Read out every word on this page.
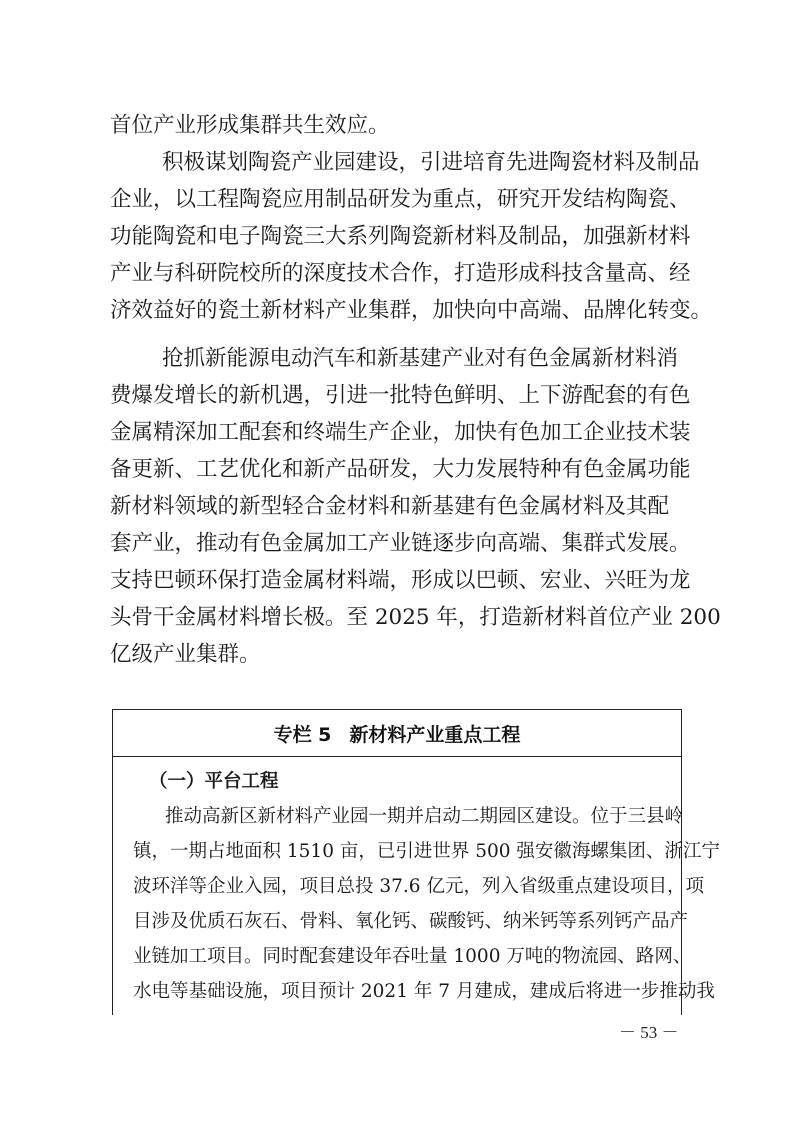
首位产业形成集群共生效应。
积极谋划陶瓷产业园建设，引进培育先进陶瓷材料及制品
企业，以工程陶瓷应用制品研发为重点，研究开发结构陶瓷、
功能陶瓷和电子陶瓷三大系列陶瓷新材料及制品，加强新材料
产业与科研院校所的深度技术合作，打造形成科技含量高、经
济效益好的瓷土新材料产业集群，加快向中高端、品牌化转变。
抢抓新能源电动汽车和新基建产业对有色金属新材料消
费爆发增长的新机遇，引进一批特色鲜明、上下游配套的有色
金属精深加工配套和终端生产企业，加快有色加工企业技术装
备更新、工艺优化和新产品研发，大力发展特种有色金属功能
新材料领域的新型轻合金材料和新基建有色金属材料及其配
套产业，推动有色金属加工产业链逐步向高端、集群式发展。
支持巴顿环保打造金属材料端，形成以巴顿、宏业、兴旺为龙
头骨干金属材料增长极。至 2025 年，打造新材料首位产业 200
亿级产业集群。
专栏 5 新材料产业重点工程
（一）平台工程
推动高新区新材料产业园一期并启动二期园区建设。位于三县岭
镇，一期占地面积 1510 亩，已引进世界 500 强安徽海螺集团、浙江宁
波环洋等企业入园，项目总投 37.6 亿元，列入省级重点建设项目，项
目涉及优质石灰石、骨料、氧化钙、碳酸钙、纳米钙等系列钙产品产
业链加工项目。同时配套建设年吞吐量 1000 万吨的物流园、路网、
水电等基础设施，项目预计 2021 年 7 月建成，建成后将进一步推动我
－ 53 －
